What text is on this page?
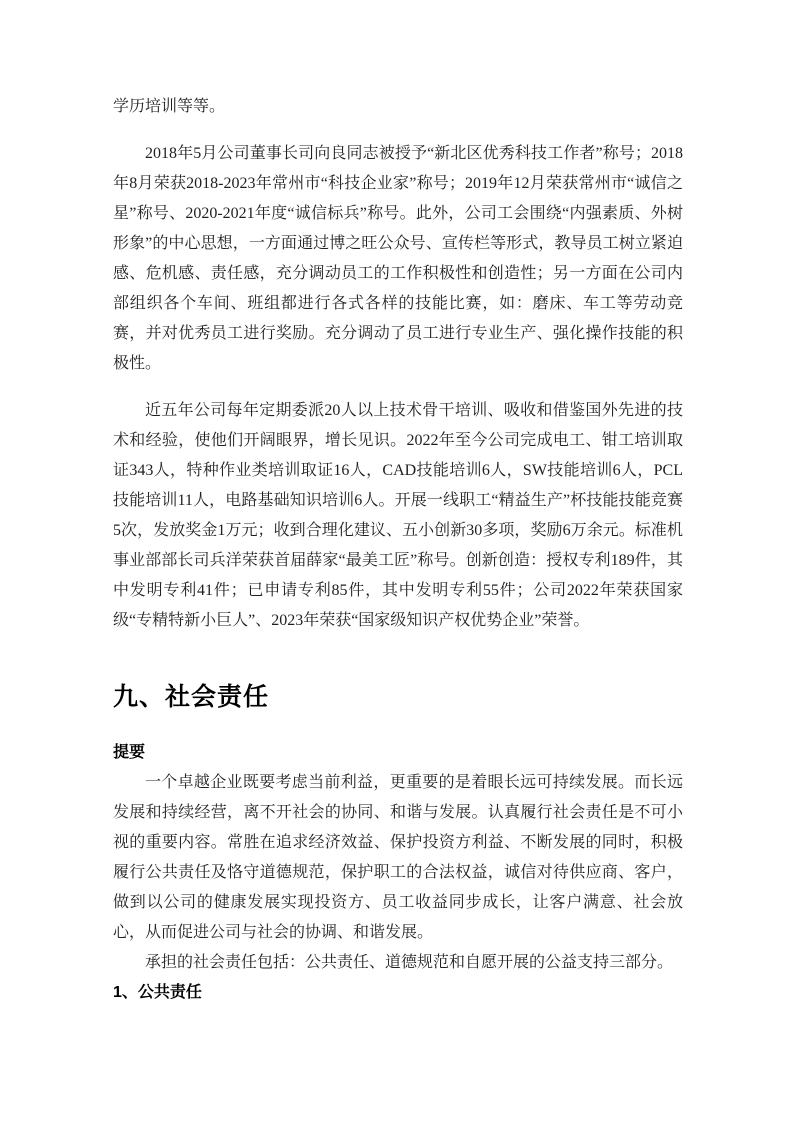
学历培训等等。

2018年5月公司董事长司向良同志被授予“新北区优秀科技工作者”称号；2018年8月荣获2018-2023年常州市“科技企业家”称号；2019年12月荣获常州市“诚信之星”称号、2020-2021年度“诚信标兵”称号。此外，公司工会围绕“内强素质、外树形象”的中心思想，一方面通过博之旺公众号、宣传栏等形式，教导员工树立紧迫感、危机感、责任感，充分调动员工的工作积极性和创造性；另一方面在公司内部组织各个车间、班组都进行各式各样的技能比赛，如：磨床、车工等劳动竞赛，并对优秀员工进行奖励。充分调动了员工进行专业生产、强化操作技能的积极性。

近五年公司每年定期委派20人以上技术骨干培训、吸收和借鉴国外先进的技术和经验，使他们开阔眼界，增长见识。2022年至今公司完成电工、钳工培训取证343人，特种作业类培训取证16人，CAD技能培训6人，SW技能培训6人，PCL技能培训11人，电路基础知识培训6人。开展一线职工“精益生产”杯技能技能竞赛5次，发放奖金1万元；收到合理化建议、五小创新30多项，奖励6万余元。标准机事业部部长司兵洋荣获首届薛家“最美工匠”称号。创新创造：授权专利189件，其中发明专利41件；已申请专利85件，其中发明专利55件；公司2022年荣获国家级“专精特新小巨人”、2023年荣获“国家级知识产权优势企业”荣誉。

九、社会责任

提要

一个卓越企业既要考虑当前利益，更重要的是着眼长远可持续发展。而长远发展和持续经营，离不开社会的协同、和谐与发展。认真履行社会责任是不可小视的重要内容。常胜在追求经济效益、保护投资方利益、不断发展的同时，积极履行公共责任及恪守道德规范，保护职工的合法权益，诚信对待供应商、客户，做到以公司的健康发展实现投资方、员工收益同步成长，让客户满意、社会放心，从而促进公司与社会的协调、和谐发展。

承担的社会责任包括：公共责任、道德规范和自愿开展的公益支持三部分。

1、公共责任
